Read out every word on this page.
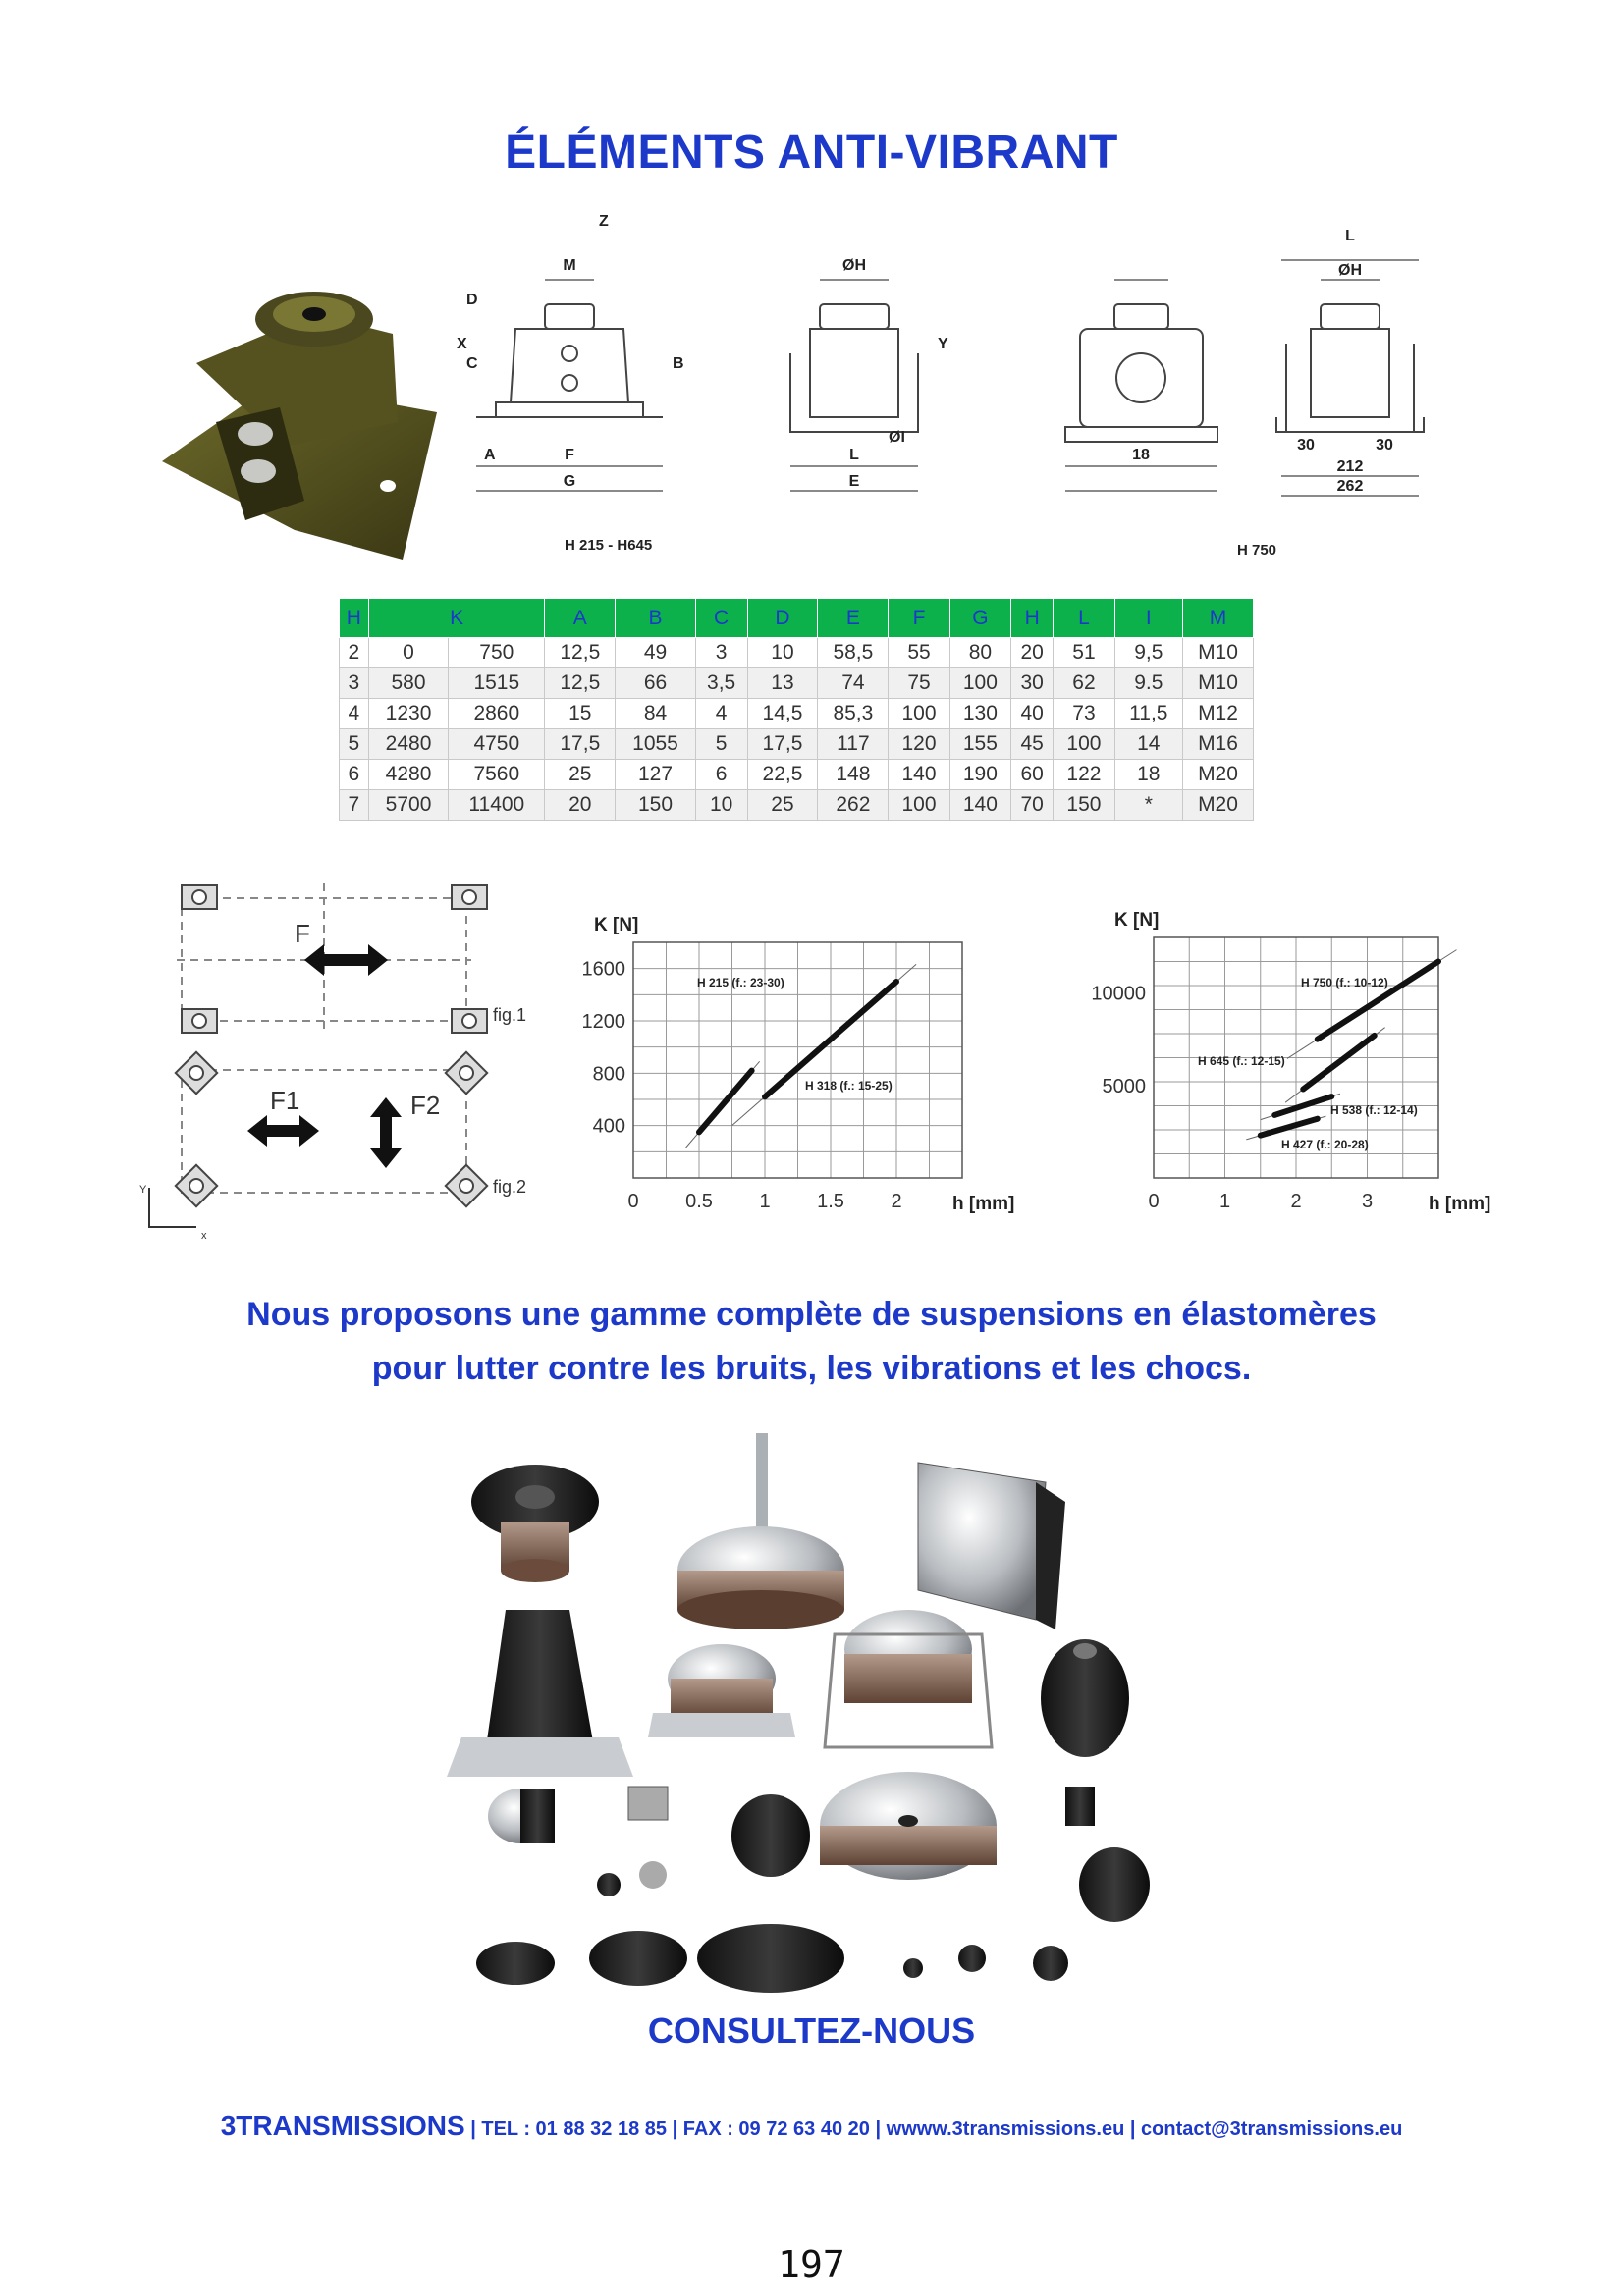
ÉLÉMENTS ANTI-VIBRANT
M
Z
D
C	B
X
A	F
G
ØH
ØI
L
E
Y
18
L
ØH
30	30
212
262
H 215 - H645	H 750
H	K		A	B	C	D	E	F	G	H	L	I	M
2	0	750	12,5	49	3	10	58,5	55	80	20	51	9,5	M10
3	580	1515	12,5	66	3,5	13	74	75	100	30	62	9.5	M10
4	1230	2860	15	84	4	14,5	85,3	100	130	40	73	11,5	M12
5	2480	4750	17,5	1055	5	17,5	117	120	155	45	100	14	M16
6	4280	7560	25	127	6	22,5	148	140	190	60	122	18	M20
7	5700	11400	20	150	10	25	262	100	140	70	150	*	M20
F
F1	F2
fig.1
fig.2
Y
x
0 0.5 1 1.5 2
400
800
1200
1600
K [N]
h [mm]
H 215 (f.: 23-30)
H 318 (f.: 15-25)
0	1	2	3
5000
10000
K [N]
h [mm]
H 750 (f.: 10-12)
H 645 (f.: 12-15)
H 538 (f.: 12-14)
H 427 (f.: 20-28)
Nous proposons une gamme complète de suspensions en élastomères
pour lutter contre les bruits, les vibrations et les chocs.
CONSULTEZ-NOUS
3TRANSMISSIONS | TEL : 01 88 32 18 85 | FAX : 09 72 63 40 20 | wwww.3transmissions.eu | contact@3transmissions.eu
197
